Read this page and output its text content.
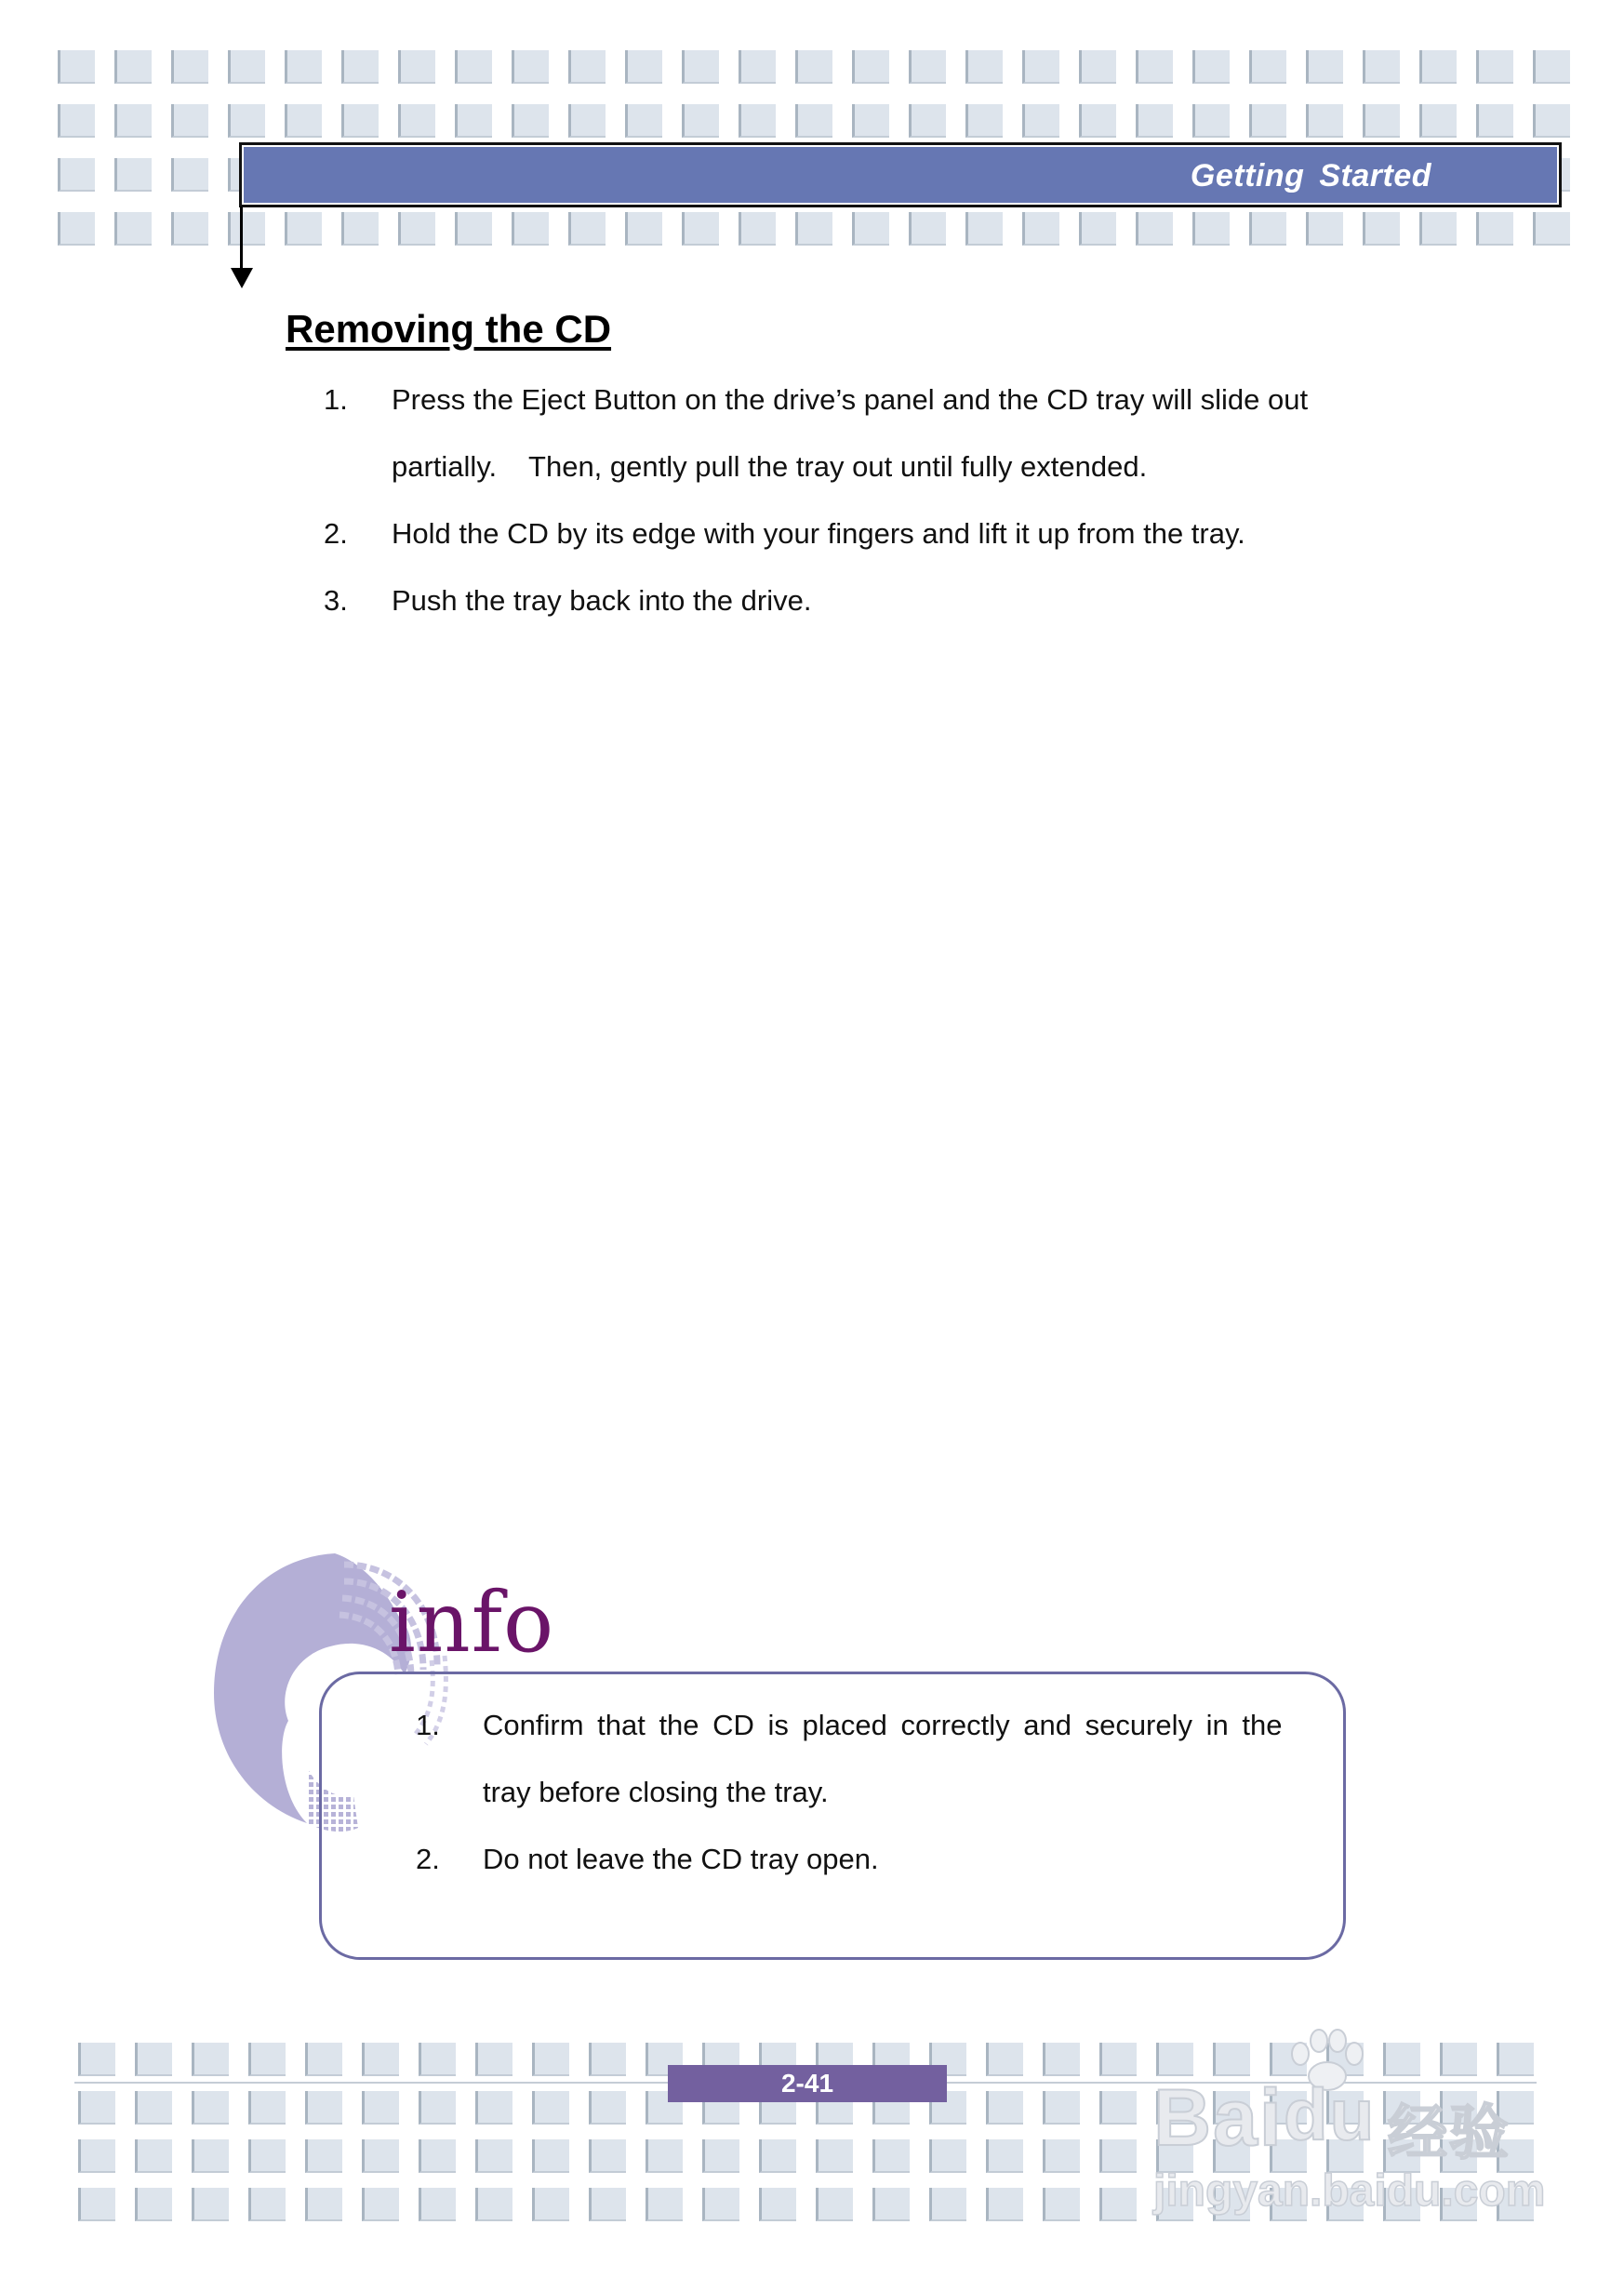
Getting Started
Removing the CD
1. Press the Eject Button on the drive’s panel and the CD tray will slide out
partially.    Then, gently pull the tray out until fully extended.
2. Hold the CD by its edge with your fingers and lift it up from the tray.
3. Push the tray back into the drive.
info
1. Confirm that the CD is placed correctly and securely in the
tray before closing the tray.
2. Do not leave the CD tray open.
2-41	Bai du 经验
jingyan.baidu.com
